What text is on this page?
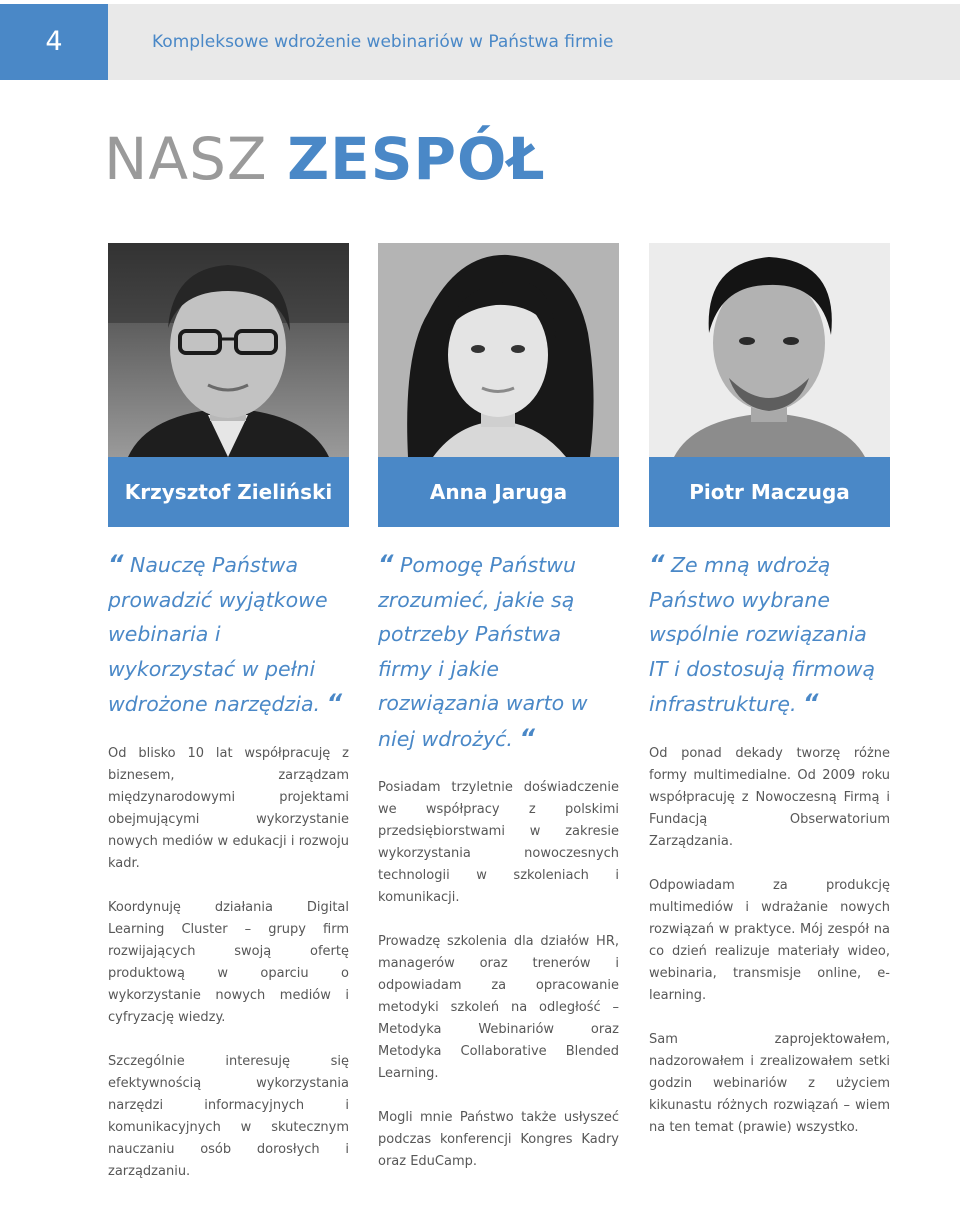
4	Kompleksowe wdrożenie webinariów w Państwa firmie
NASZ ZESPÓŁ
Krzysztof Zieliński
“ Nauczę Państwa prowadzić wyjątkowe webinaria i wykorzystać w pełni wdrożone narzędzia. “

Od blisko 10 lat współpracuję z biznesem, zarządzam międzynarodowymi projektami obejmującymi wykorzystanie nowych mediów w edukacji i rozwoju kadr.

Koordynuję działania Digital Learning Cluster – grupy firm rozwijających swoją ofertę produktową w oparciu o wykorzystanie nowych mediów i cyfryzację wiedzy.

Szczególnie interesuję się efektywnością wykorzystania narzędzi informacyjnych i komunikacyjnych w skutecznym nauczaniu osób dorosłych i zarządzaniu.

Anna Jaruga
“ Pomogę Państwu zrozumieć, jakie są potrzeby Państwa firmy i jakie rozwiązania warto w niej wdrożyć. “

Posiadam trzyletnie doświadczenie we współpracy z polskimi przedsiębiorstwami w zakresie wykorzystania nowoczesnych technologii w szkoleniach i komunikacji.

Prowadzę szkolenia dla działów HR, managerów oraz trenerów i odpowiadam za opracowanie metodyki szkoleń na odległość – Metodyka Webinariów oraz Metodyka Collaborative Blended Learning.

Mogli mnie Państwo także usłyszeć podczas konferencji Kongres Kadry oraz EduCamp.

Piotr Maczuga
“ Ze mną wdrożą Państwo wybrane wspólnie rozwiązania IT i dostosują firmową infrastrukturę. “

Od ponad dekady tworzę różne formy multimedialne. Od 2009 roku współpracuję z Nowoczesną Firmą i Fundacją Obserwatorium Zarządzania.

Odpowiadam za produkcję multimediów i wdrażanie nowych rozwiązań w praktyce. Mój zespół na co dzień realizuje materiały wideo, webinaria, transmisje online, e-learning.

Sam zaprojektowałem, nadzorowałem i zrealizowałem setki godzin webinariów z użyciem kikunastu różnych rozwiązań – wiem na ten temat (prawie) wszystko.
